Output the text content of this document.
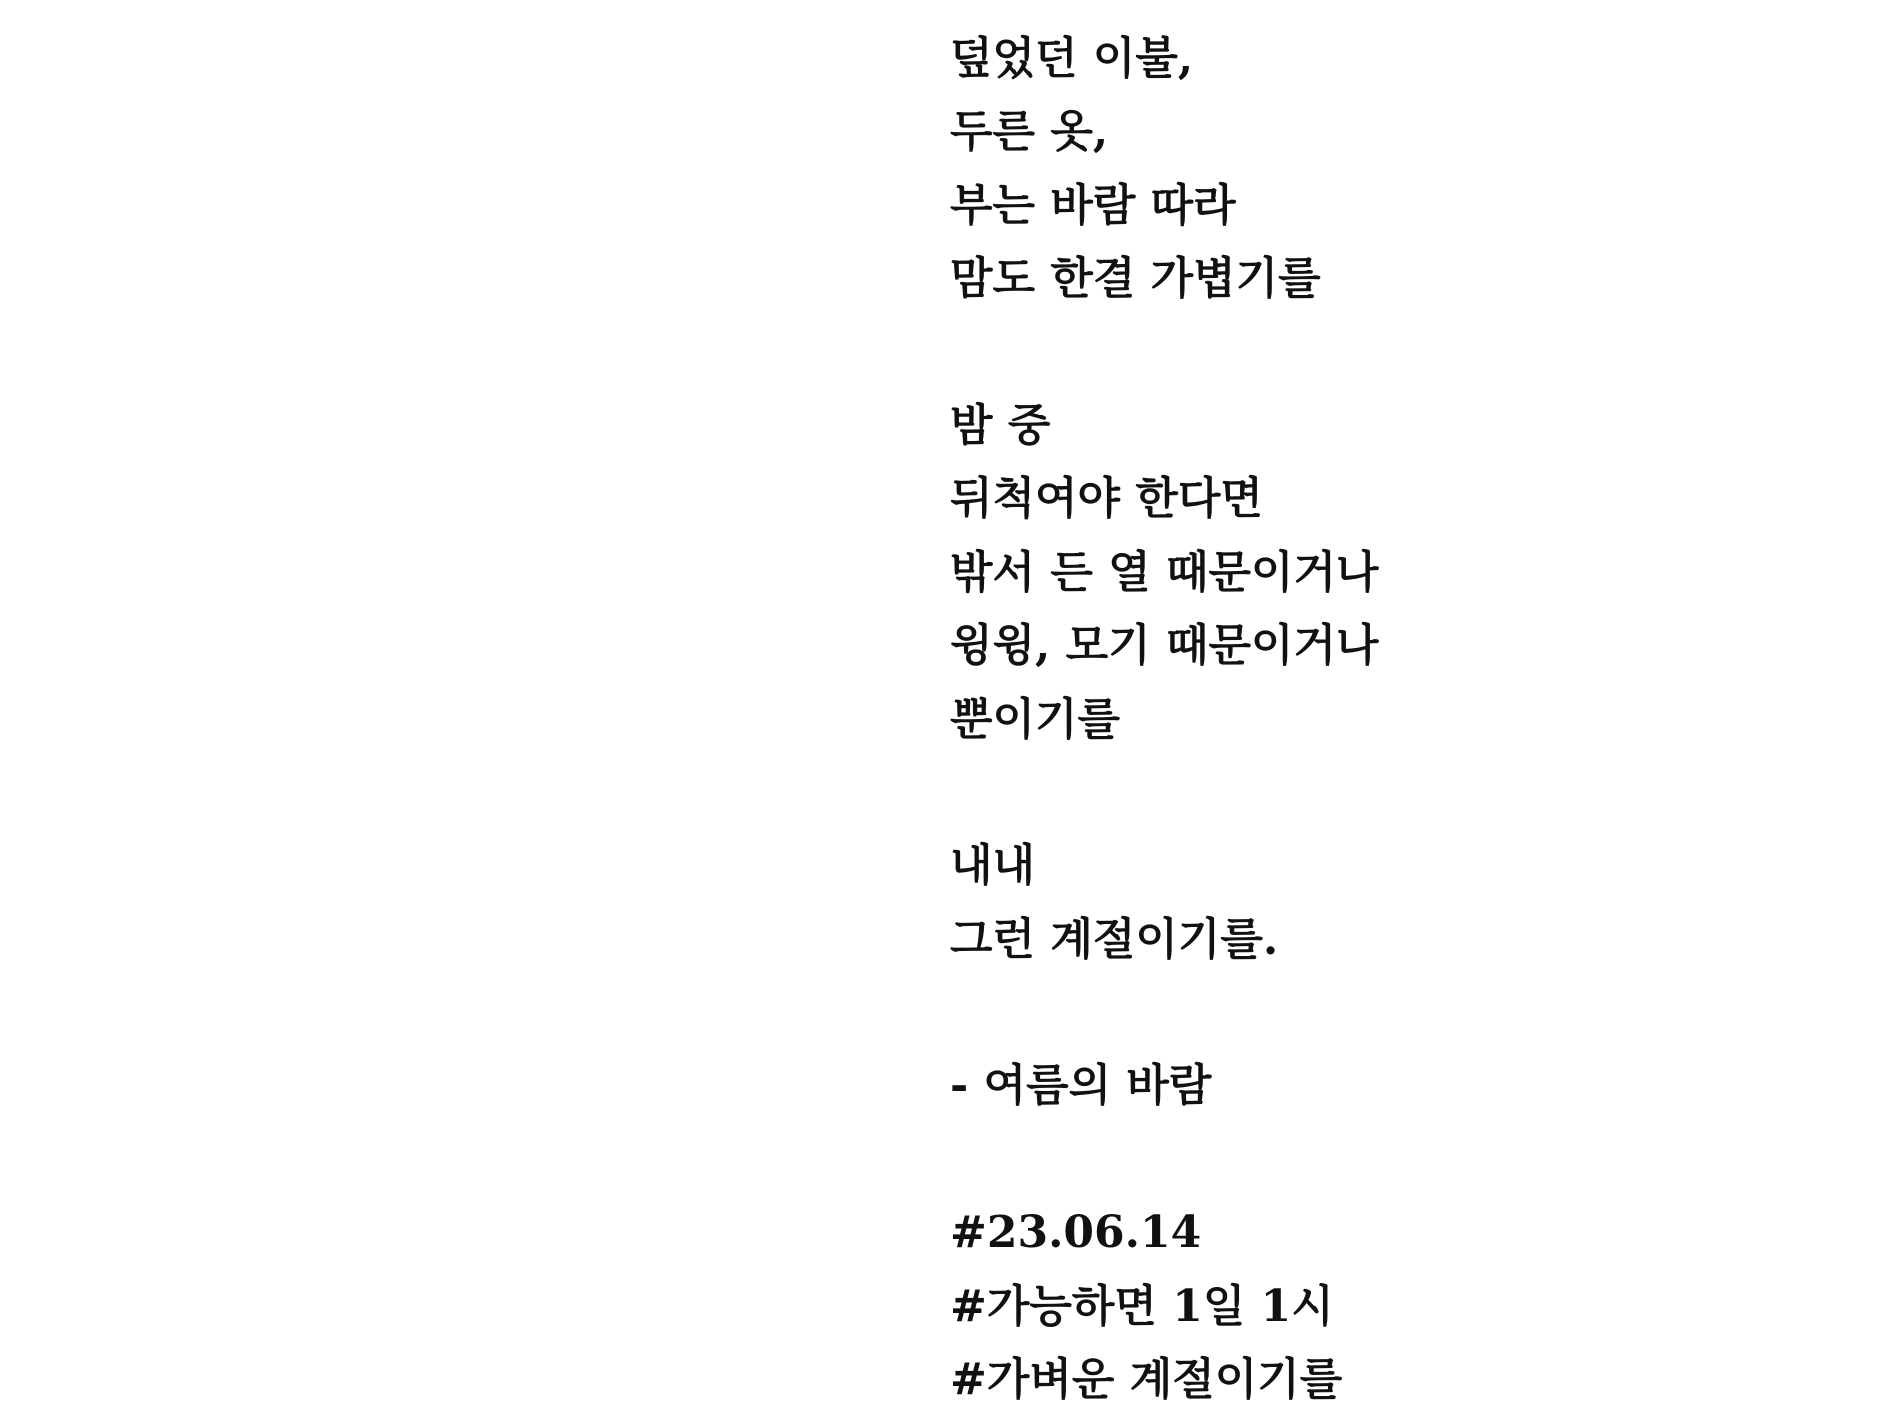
덮었던 이불,
두른 옷,
부는 바람 따라
맘도 한결 가볍기를
밤 중
뒤척여야 한다면
밖서 든 열 때문이거나
윙윙, 모기 때문이거나
뿐이기를
내내
그런 계절이기를.
- 여름의 바람
#23.06.14
#가능하면 1일 1시
#가벼운 계절이기를
